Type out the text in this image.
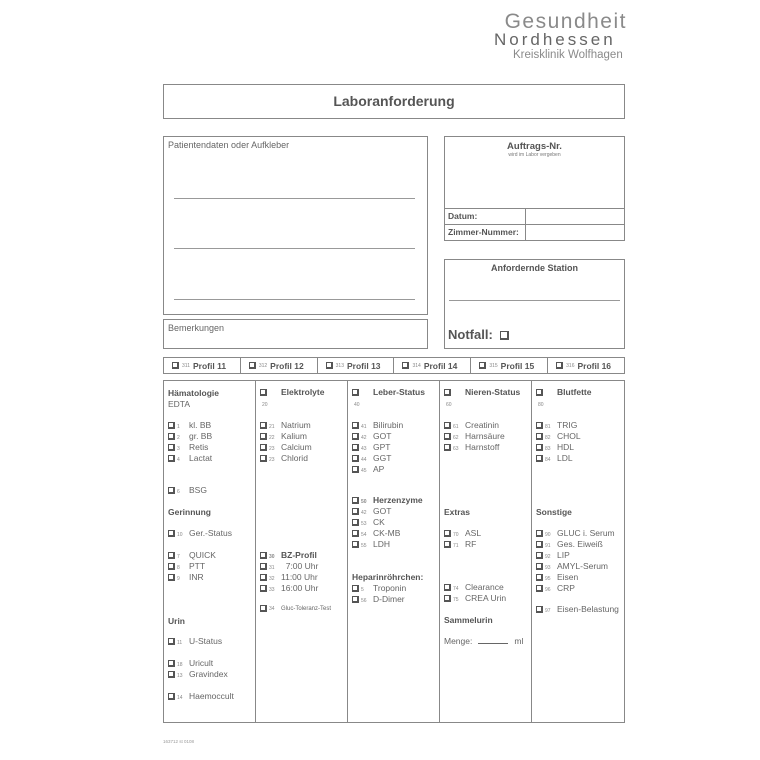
Gesundheit
Nordhessen
Kreisklinik Wolfhagen
Laboranforderung
Patientendaten oder Aufkleber
Bemerkungen
Auftrags-Nr.
wird im Labor vergeben
Datum:
Zimmer-Nummer:
Anfordernde Station
Notfall:
311 Profil 11	312 Profil 12	313 Profil 13	314 Profil 14	315 Profil 15	316 Profil 16
Hämatologie
EDTA
1 kl. BB
2 gr. BB
3 Retis
4 Lactat
6 BSG
Gerinnung
10 Ger.-Status
7 QUICK
8 PTT
9 INR
Urin
11 U-Status
18 Uricult
13 Gravindex
14 Haemoccult
Elektrolyte
20
21 Natrium
22 Kalium
23 Calcium
23 Chlorid
30 BZ-Profil
31  7:00 Uhr
32 11:00 Uhr
33 16:00 Uhr
34 Gluc-Toleranz-Test
Leber-Status
40
41 Bilirubin
42 GOT
43 GPT
44 GGT
45 AP
50 Herzenzyme
42 GOT
53 CK
54 CK-MB
55 LDH
Heparinröhrchen:
5 Troponin
56 D-Dimer
Nieren-Status
60
61 Creatinin
62 Harnsäure
63 Harnstoff
Extras
70 ASL
71 RF
74 Clearance
75 CREA Urin
Sammelurin
Menge:	ml
Blutfette
80
81 TRIG
82 CHOL
83 HDL
84 LDL
Sonstige
90 GLUC i. Serum
91 Ges. Eiweiß
92 LIP
93 AMYL-Serum
95 Eisen
96 CRP
97 Eisen-Belastung
163712 st 0108
